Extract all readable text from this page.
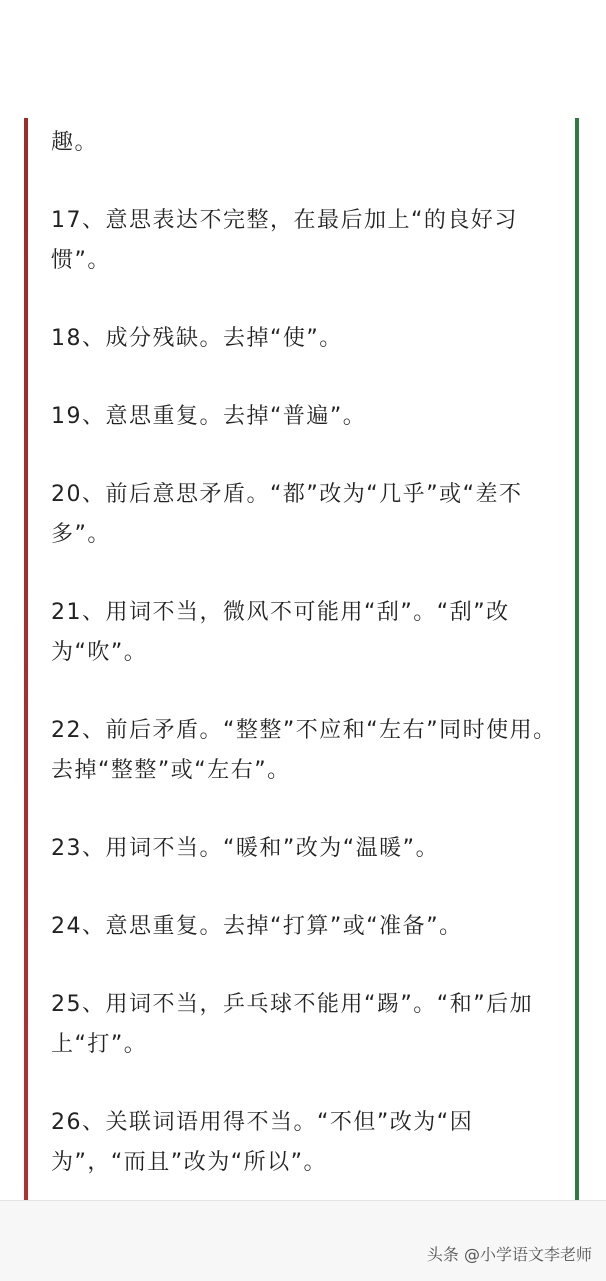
趣。

17、意思表达不完整，在最后加上“的良好习惯”。

18、成分残缺。去掉“使”。

19、意思重复。去掉“普遍”。

20、前后意思矛盾。“都”改为“几乎”或“差不多”。

21、用词不当，微风不可能用“刮”。“刮”改为“吹”。

22、前后矛盾。“整整”不应和“左右”同时使用。去掉“整整”或“左右”。

23、用词不当。“暖和”改为“温暖”。

24、意思重复。去掉“打算”或“准备”。

25、用词不当，乒乓球不能用“踢”。“和”后加上“打”。

26、关联词语用得不当。“不但”改为“因为”，“而且”改为“所以”。

头条 @小学语文李老师
